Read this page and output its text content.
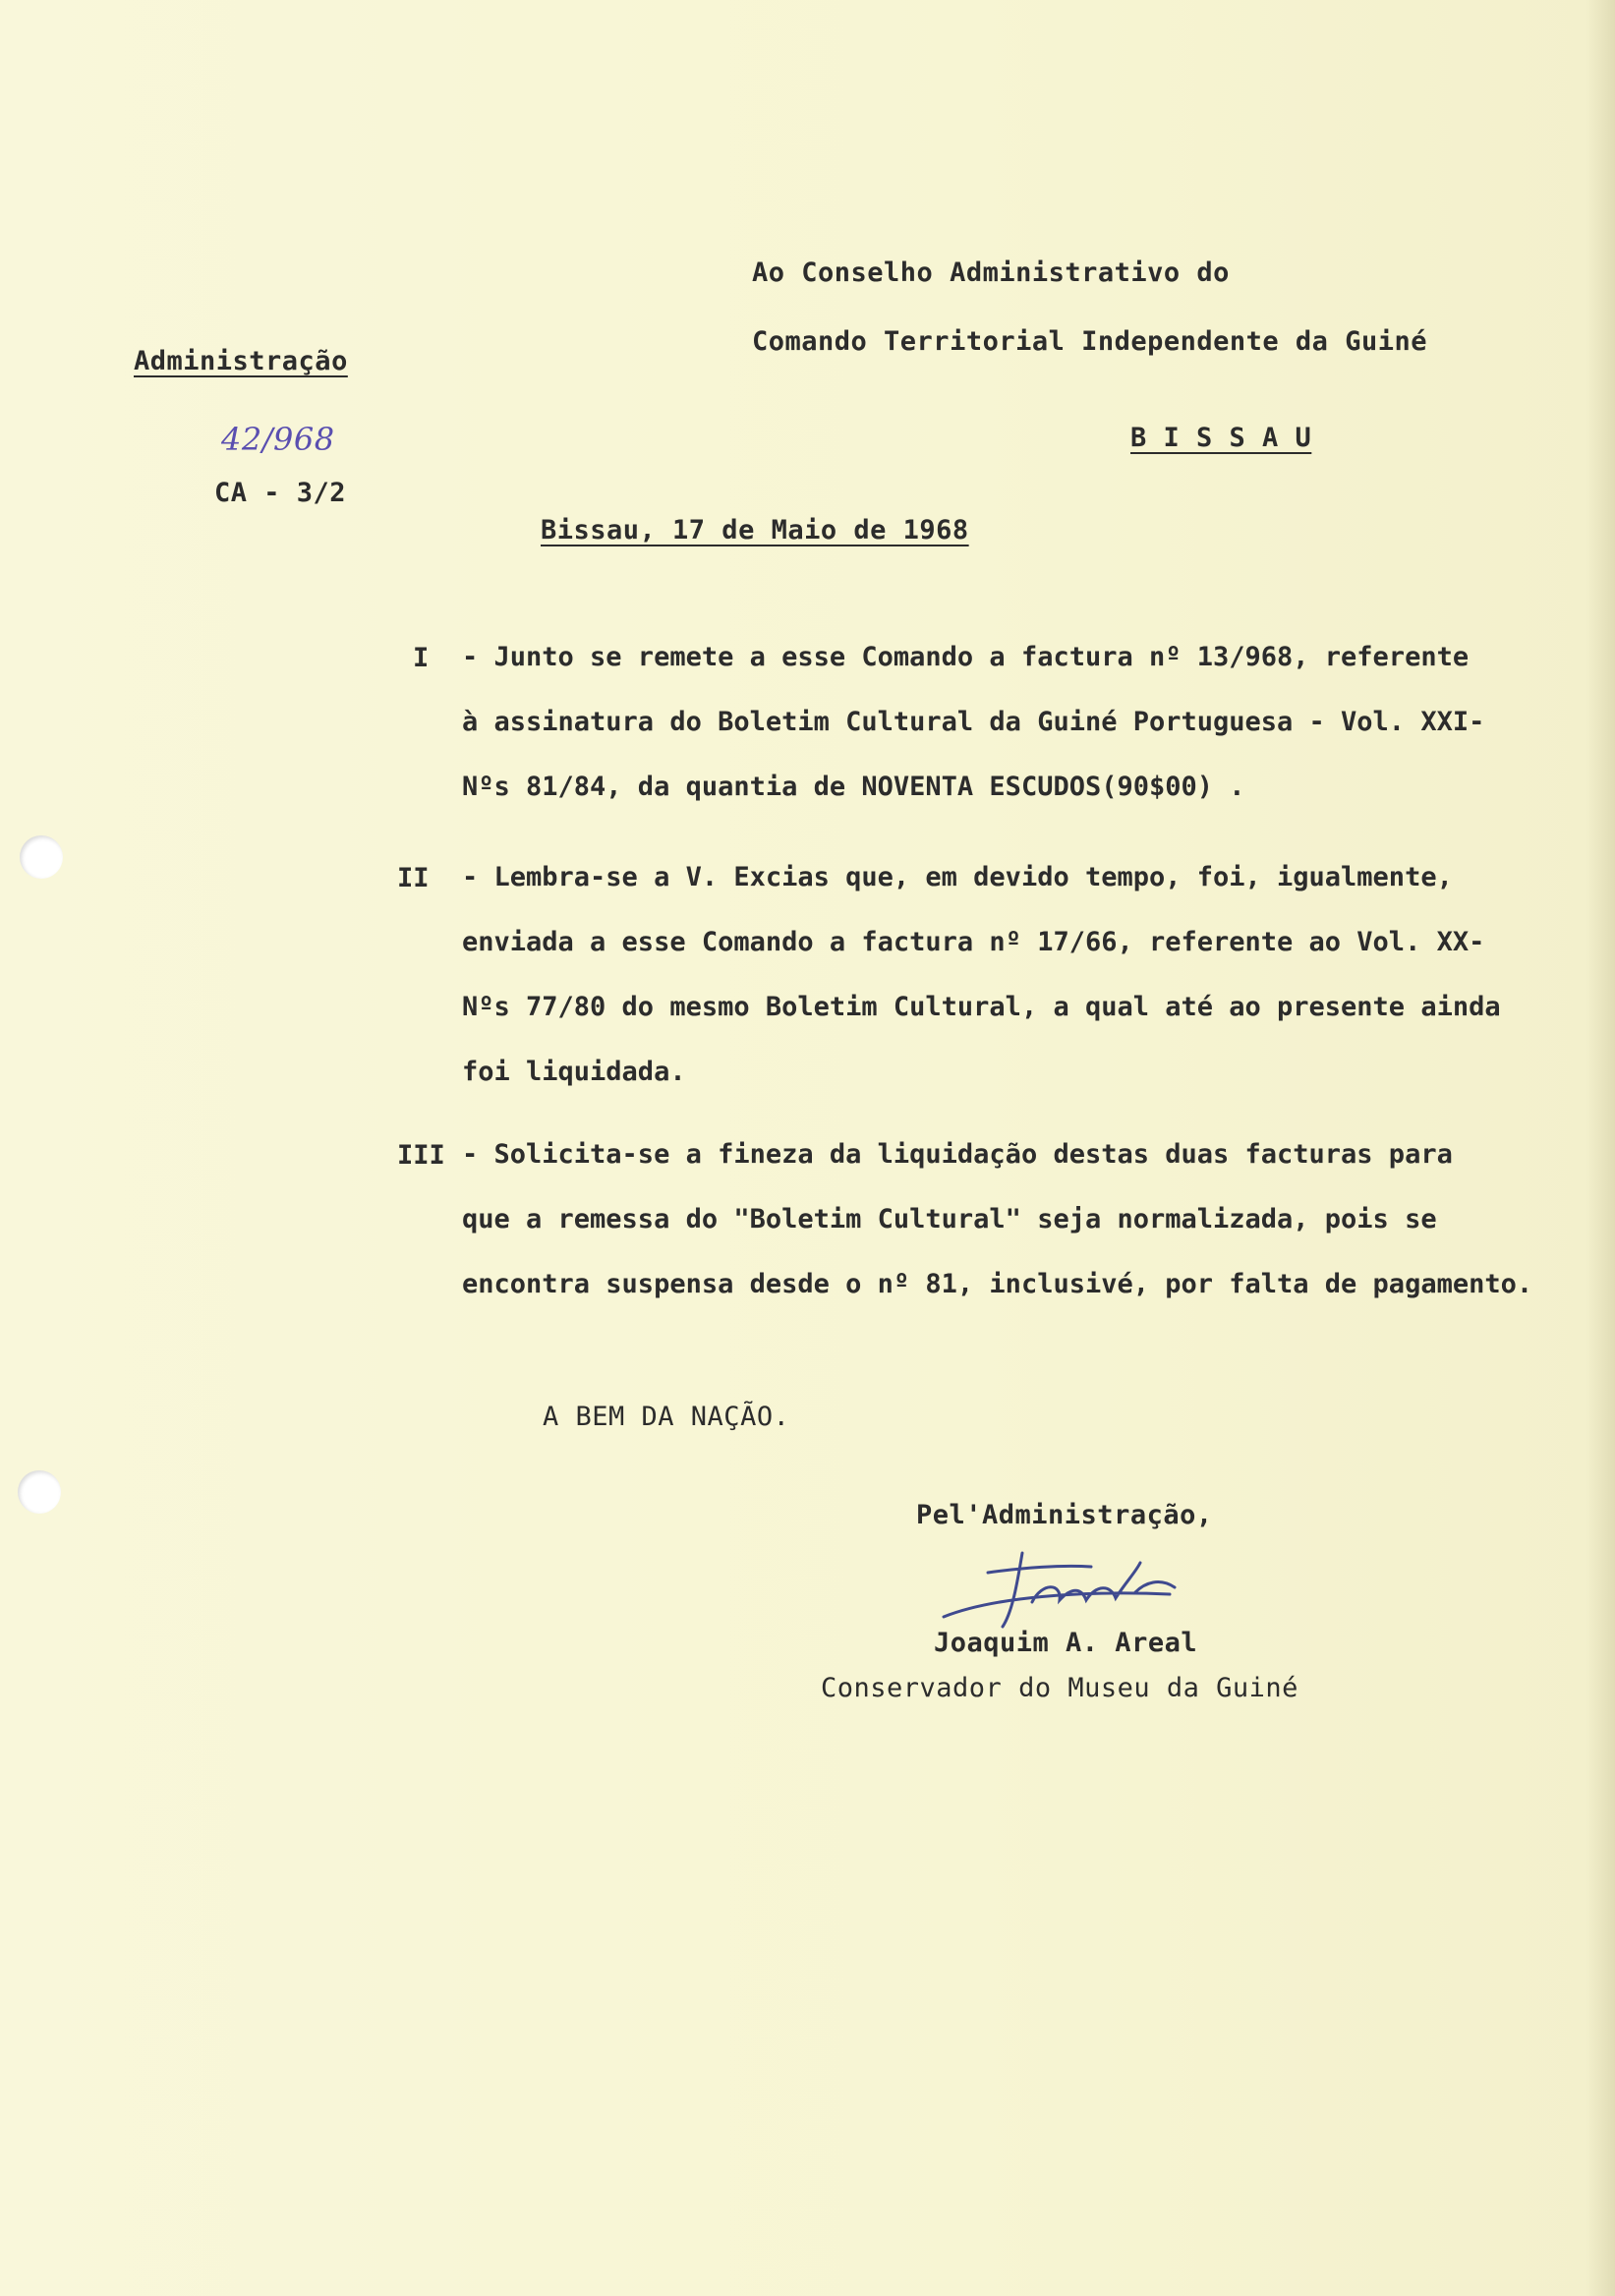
Ao Conselho Administrativo do
Comando Territorial Independente da Guiné
B I S S A U
Administração
42/968
CA - 3/2
Bissau, 17 de Maio de 1968
I - Junto se remete a esse Comando a factura nº 13/968, referente

à assinatura do Boletim Cultural da Guiné Portuguesa - Vol. XXI-

Nºs 81/84, da quantia de NOVENTA ESCUDOS(90$00) .

II - Lembra-se a V. Excias que, em devido tempo, foi, igualmente,

enviada a esse Comando a factura nº 17/66, referente ao Vol. XX-

Nºs 77/80 do mesmo Boletim Cultural, a qual até ao presente ainda

foi liquidada.

III - Solicita-se a fineza da liquidação destas duas facturas para

que a remessa do "Boletim Cultural" seja normalizada, pois se

encontra suspensa desde o nº 81, inclusivé, por falta de pagamento.

A BEM DA NAÇÃO.
Pel'Administração,
Joaquim A. Areal
Conservador do Museu da Guiné
